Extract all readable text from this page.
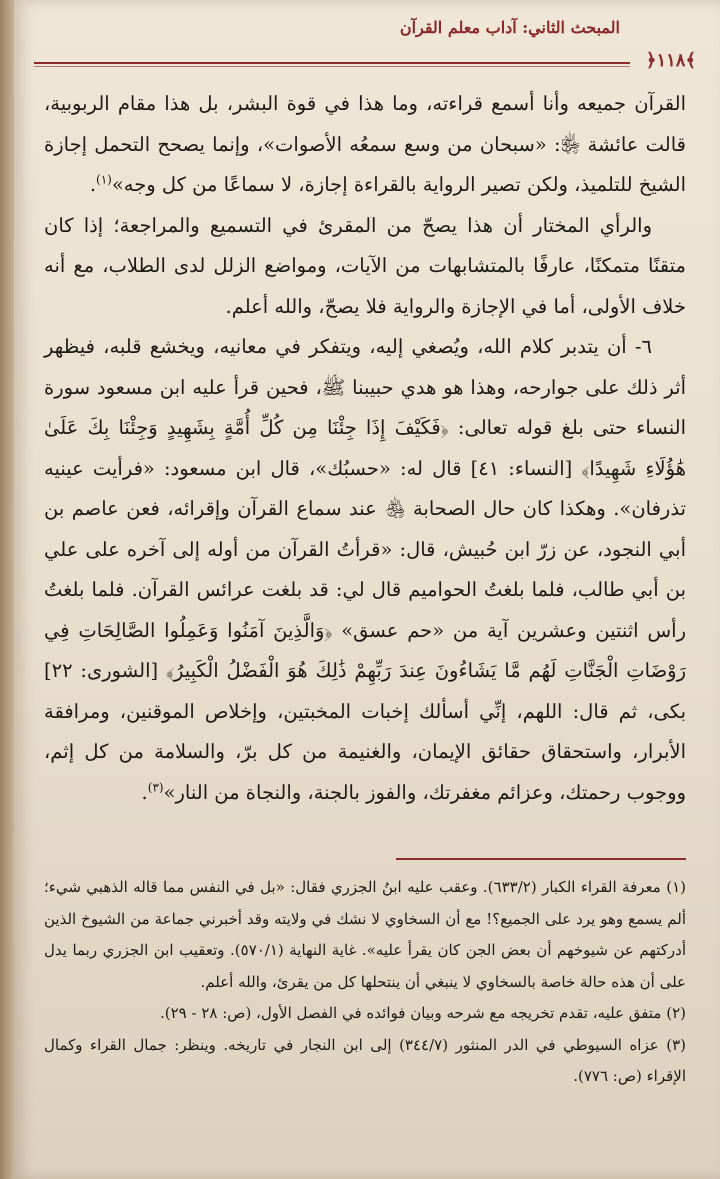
المبحث الثاني: آداب معلم القرآن
﴾١١٨﴿

القرآن جميعه وأنا أسمع قراءته، وما هذا في قوة البشر، بل هذا مقام الربوبية، قالت عائشة ﵂: «سبحان من وسع سمعُه الأصوات»، وإنما يصحح التحمل إجازة الشيخ للتلميذ، ولكن تصير الرواية بالقراءة إجازة، لا سماعًا من كل وجه»$^{(١)}$.

والرأي المختار أن هذا يصحّ من المقرئ في التسميع والمراجعة؛ إذا كان متقنًا متمكنًا، عارفًا بالمتشابهات من الآيات، ومواضع الزلل لدى الطلاب، مع أنه خلاف الأولى، أما في الإجازة والرواية فلا يصحّ، والله أعلم.

٦- أن يتدبر كلام الله، ويُصغي إليه، ويتفكر في معانيه، ويخشع قلبه، فيظهر أثر ذلك على جوارحه، وهذا هو هدي حبيبنا ﷺ، فحين قرأ عليه ابن مسعود سورة النساء حتى بلغ قوله تعالى: ﴿فَكَيْفَ إِذَا جِئْنَا مِن كُلِّ أُمَّةٍ بِشَهِيدٍ وَجِئْنَا بِكَ عَلَىٰ هَٰؤُلَاءِ شَهِيدًا﴾ [النساء: ٤١] قال له: «حسبُك»، قال ابن مسعود: «فرأيت عينيه تذرفان». وهكذا كان حال الصحابة ﵃ عند سماع القرآن وإقرائه، فعن عاصم بن أبي النجود، عن زرّ ابن حُبيش، قال: «قرأتُ القرآن من أوله إلى آخره على علي بن أبي طالب، فلما بلغتُ الحواميم قال لي: قد بلغت عرائس القرآن. فلما بلغتُ رأس اثنتين وعشرين آية من «حم عسق» ﴿وَالَّذِينَ آمَنُوا وَعَمِلُوا الصَّالِحَاتِ فِي رَوْضَاتِ الْجَنَّاتِ لَهُم مَّا يَشَاءُونَ عِندَ رَبِّهِمْ ذَٰلِكَ هُوَ الْفَضْلُ الْكَبِيرُ﴾ [الشورى: ٢٢] بكى، ثم قال: اللهم، إنِّي أسألك إخبات المخبتين، وإخلاص الموقنين، ومرافقة الأبرار، واستحقاق حقائق الإيمان، والغنيمة من كل برّ، والسلامة من كل إثم، ووجوب رحمتك، وعزائم مغفرتك، والفوز بالجنة، والنجاة من النار»$^{(٣)}$.

(١) معرفة القراء الكبار (٦٣٣/٢). وعقب عليه ابنُ الجزري فقال: «بل في النفس مما قاله الذهبي شيء؛ ألم يسمع وهو يرد على الجميع؟! مع أن السخاوي لا نشك في ولايته وقد أخبرني جماعة من الشيوخ الذين أدركتهم عن شيوخهم أن بعض الجن كان يقرأ عليه». غاية النهاية (٥٧٠/١). وتعقيب ابن الجزري ربما يدل على أن هذه حالة خاصة بالسخاوي لا ينبغي أن ينتحلها كل من يقرئ، والله أعلم.

(٢) متفق عليه، تقدم تخريجه مع شرحه وبيان فوائده في الفصل الأول، (ص: ٢٨ - ٢٩).

(٣) عزاه السيوطي في الدر المنثور (٣٤٤/٧) إلى ابن النجار في تاريخه. وينظر: جمال القراء وكمال الإقراء (ص: ٧٧٦).
